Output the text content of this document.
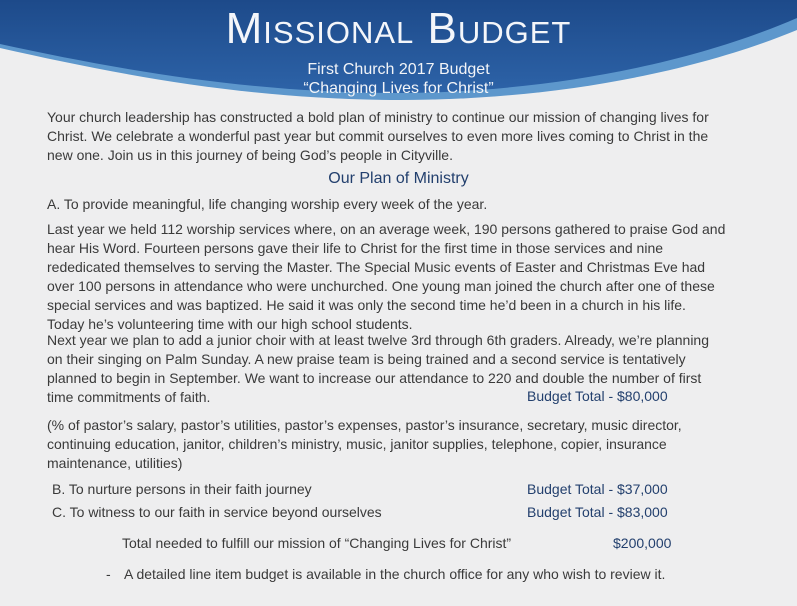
Missional Budget
First Church 2017 Budget
“Changing Lives for Christ”
Your church leadership has constructed a bold plan of ministry to continue our mission of changing lives for
Christ. We celebrate a wonderful past year but commit ourselves to even more lives coming to Christ in the
new one. Join us in this journey of being God’s people in Cityville.
Our Plan of Ministry
A. To provide meaningful, life changing worship every week of the year.
Last year we held 112 worship services where, on an average week, 190 persons gathered to praise God and
hear His Word. Fourteen persons gave their life to Christ for the first time in those services and nine
rededicated themselves to serving the Master. The Special Music events of Easter and Christmas Eve had
over 100 persons in attendance who were unchurched. One young man joined the church after one of these
special services and was baptized. He said it was only the second time he’d been in a church in his life.
Today he’s volunteering time with our high school students.
Next year we plan to add a junior choir with at least twelve 3rd through 6th graders. Already, we’re planning
on their singing on Palm Sunday. A new praise team is being trained and a second service is tentatively
planned to begin in September. We want to increase our attendance to 220 and double the number of first
time commitments of faith.	Budget Total - $80,000
(% of pastor’s salary, pastor’s utilities, pastor’s expenses, pastor’s insurance, secretary, music director,
continuing education, janitor, children’s ministry, music, janitor supplies, telephone, copier, insurance
maintenance, utilities)
B. To nurture persons in their faith journey	Budget Total - $37,000
C. To witness to our faith in service beyond ourselves	Budget Total - $83,000
Total needed to fulfill our mission of “Changing Lives for Christ”	$200,000
- A detailed line item budget is available in the church office for any who wish to review it.
